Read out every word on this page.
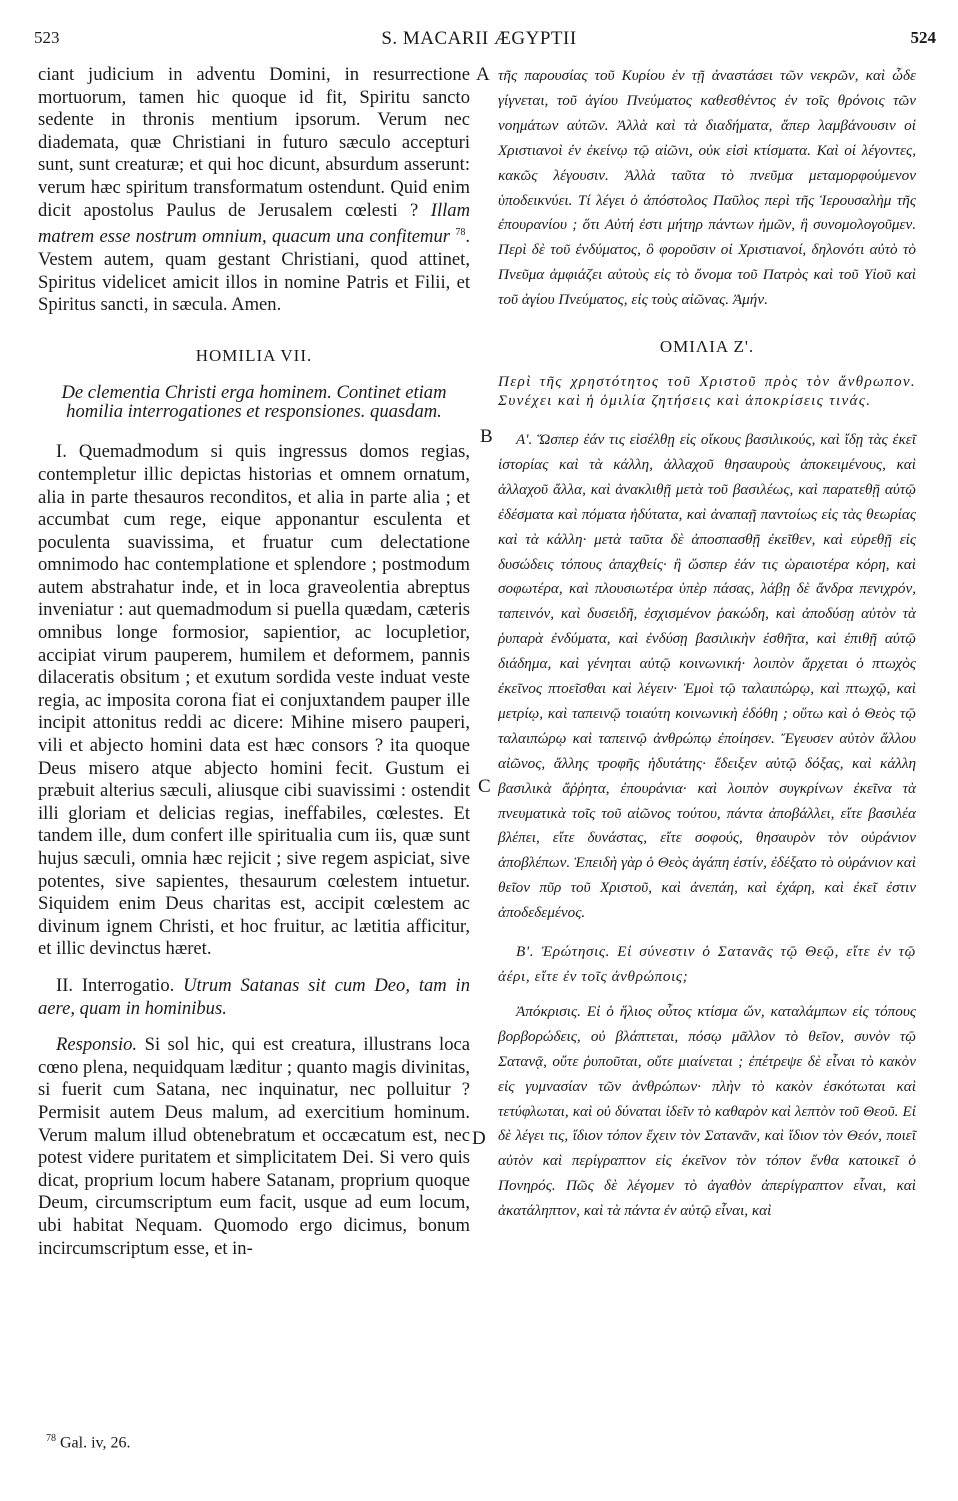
523	S. MACARII ÆGYPTII	524

ciant judicium in adventu Domini, in resurrectione mortuorum, tamen hic quoque id fit, Spiritu sancto sedente in thronis mentium ipsorum. Verum nec diademata, quæ Christiani in futuro sæculo accepturi sunt, sunt creaturæ; et qui hoc dicunt, absurdum asserunt: verum hæc spiritum transformatum ostendunt. Quid enim dicit apostolus Paulus de Jerusalem cœlesti ? Illam matrem esse nostrum omnium, quacum una confitemur $^{78}$. Vestem autem, quam gestant Christiani, quod attinet, Spiritus videlicet amicit illos in nomine Patris et Filii, et Spiritus sancti, in sæcula. Amen.

HOMILIA VII.

De clementia Christi erga hominem. Continet etiam homilia interrogationes et responsiones. quasdam.

I. Quemadmodum si quis ingressus domos regias, contempletur illic depictas historias et omnem ornatum, alia in parte thesauros reconditos, et alia in parte alia ; et accumbat cum rege, eique apponantur esculenta et poculenta suavissima, et fruatur cum delectatione omnimodo hac contemplatione et splendore ; postmodum autem abstrahatur inde, et in loca graveolentia abreptus inveniatur : aut quemadmodum si puella quædam, cæteris omnibus longe formosior, sapientior, ac locupletior, accipiat virum pauperem, humilem et deformem, pannis dilaceratis obsitum ; et exutum sordida veste induat veste regia, ac imposita corona fiat ei conjuxtandem pauper ille incipit attonitus reddi ac dicere: Mihine misero pauperi, vili et abjecto homini data est hæc consors ? ita quoque Deus misero atque abjecto homini fecit. Gustum ei præbuit alterius sæculi, aliusque cibi suavissimi : ostendit illi gloriam et delicias regias, ineffabiles, cœlestes. Et tandem ille, dum confert ille spiritualia cum iis, quæ sunt hujus sæculi, omnia hæc rejicit ; sive regem aspiciat, sive potentes, sive sapientes, thesaurum cœlestem intuetur. Siquidem enim Deus charitas est, accipit cœlestem ac divinum ignem Christi, et hoc fruitur, ac lætitia afficitur, et illic devinctus hæret.

II. Interrogatio. Utrum Satanas sit cum Deo, tam in aere, quam in hominibus.

Responsio. Si sol hic, qui est creatura, illustrans loca cœno plena, nequidquam læditur ; quanto magis divinitas, si fuerit cum Satana, nec inquinatur, nec polluitur ? Permisit autem Deus malum, ad exercitium hominum. Verum malum illud obtenebratum et occæcatum est, nec potest videre puritatem et simplicitatem Dei. Si vero quis dicat, proprium locum habere Satanam, proprium quoque Deum, circumscriptum eum facit, usque ad eum locum, ubi habitat Nequam. Quomodo ergo dicimus, bonum incircumscriptum esse, et in-

A
B
C
D

τῆς παρουσίας τοῦ Κυρίου ἐν τῇ ἀναστάσει τῶν νεκρῶν, καὶ ὧδε γίγνεται, τοῦ ἁγίου Πνεύματος καθεσθέντος ἐν τοῖς θρόνοις τῶν νοημάτων αὐτῶν. Ἀλλὰ καὶ τὰ διαδήματα, ἅπερ λαμβάνουσιν οἱ Χριστιανοὶ ἐν ἐκείνῳ τῷ αἰῶνι, οὐκ εἰσὶ κτίσματα. Καὶ οἱ λέγοντες, κακῶς λέγουσιν. Ἀλλὰ ταῦτα τὸ πνεῦμα μεταμορφούμενον ὑποδεικνύει. Τί λέγει ὁ ἀπόστολος Παῦλος περὶ τῆς Ἱερουσαλὴμ τῆς ἐπουρανίου ; ὅτι Αὐτή ἐστι μήτηρ πάντων ἡμῶν, ἣ συνομολογοῦμεν. Περὶ δὲ τοῦ ἐνδύματος, ὃ φοροῦσιν οἱ Χριστιανοί, δηλονότι αὐτὸ τὸ Πνεῦμα ἀμφιάζει αὐτοὺς εἰς τὸ ὄνομα τοῦ Πατρὸς καὶ τοῦ Υἱοῦ καὶ τοῦ ἁγίου Πνεύματος, εἰς τοὺς αἰῶνας. Ἀμήν.

ΟΜΙΛΙΑ Ζ'.

Περὶ τῆς χρηστότητος τοῦ Χριστοῦ πρὸς τὸν ἄνθρωπον. Συνέχει καὶ ἡ ὁμιλία ζητήσεις καὶ ἀποκρίσεις τινάς.

Α'. Ὥσπερ ἐάν τις εἰσέλθῃ εἰς οἴκους βασιλικούς, καὶ ἴδῃ τὰς ἐκεῖ ἱστορίας καὶ τὰ κάλλη, ἀλλαχοῦ θησαυροὺς ἀποκειμένους, καὶ ἀλλαχοῦ ἄλλα, καὶ ἀνακλιθῇ μετὰ τοῦ βασιλέως, καὶ παρατεθῇ αὐτῷ ἐδέσματα καὶ πόματα ἡδύτατα, καὶ ἀναπαῇ παντοίως εἰς τὰς θεωρίας καὶ τὰ κάλλη· μετὰ ταῦτα δὲ ἀποσπασθῇ ἐκεῖθεν, καὶ εὑρεθῇ εἰς δυσώδεις τόπους ἀπαχθείς· ἢ ὥσπερ ἐάν τις ὡραιοτέρα κόρη, καὶ σοφωτέρα, καὶ πλουσιωτέρα ὑπὲρ πάσας, λάβῃ δὲ ἄνδρα πενιχρόν, ταπεινόν, καὶ δυσειδῆ, ἐσχισμένον ῥακώδη, καὶ ἀποδύσῃ αὐτὸν τὰ ῥυπαρὰ ἐνδύματα, καὶ ἐνδύσῃ βασιλικὴν ἐσθῆτα, καὶ ἐπιθῇ αὐτῷ διάδημα, καὶ γένηται αὐτῷ κοινωνική· λοιπὸν ἄρχεται ὁ πτωχὸς ἐκεῖνος πτοεῖσθαι καὶ λέγειν· Ἐμοὶ τῷ ταλαιπώρῳ, καὶ πτωχῷ, καὶ μετρίῳ, καὶ ταπεινῷ τοιαύτη κοινωνικὴ ἐδόθη ; οὕτω καὶ ὁ Θεὸς τῷ ταλαιπώρῳ καὶ ταπεινῷ ἀνθρώπῳ ἐποίησεν. Ἔγευσεν αὐτὸν ἄλλου αἰῶνος, ἄλλης τροφῆς ἡδυτάτης· ἔδειξεν αὐτῷ δόξας, καὶ κάλλη βασιλικὰ ἄῤῥητα, ἐπουράνια· καὶ λοιπὸν συγκρίνων ἐκεῖνα τὰ πνευματικὰ τοῖς τοῦ αἰῶνος τούτου, πάντα ἀποβάλλει, εἴτε βασιλέα βλέπει, εἴτε δυνάστας, εἴτε σοφούς, θησαυρὸν τὸν οὐράνιον ἀποβλέπων. Ἐπειδὴ γὰρ ὁ Θεὸς ἀγάπη ἐστίν, ἐδέξατο τὸ οὐράνιον καὶ θεῖον πῦρ τοῦ Χριστοῦ, καὶ ἀνεπάη, καὶ ἐχάρη, καὶ ἐκεῖ ἐστιν ἀποδεδεμένος.

Β'. Ἐρώτησις. Εἰ σύνεστιν ὁ Σατανᾶς τῷ Θεῷ, εἴτε ἐν τῷ ἀέρι, εἴτε ἐν τοῖς ἀνθρώποις;

Ἀπόκρισις. Εἰ ὁ ἥλιος οὗτος κτίσμα ὤν, καταλάμπων εἰς τόπους βορβορώδεις, οὐ βλάπτεται, πόσῳ μᾶλλον τὸ θεῖον, συνὸν τῷ Σατανᾷ, οὔτε ῥυποῦται, οὔτε μιαίνεται ; ἐπέτρεψε δὲ εἶναι τὸ κακὸν εἰς γυμνασίαν τῶν ἀνθρώπων· πλὴν τὸ κακὸν ἐσκότωται καὶ τετύφλωται, καὶ οὐ δύναται ἰδεῖν τὸ καθαρὸν καὶ λεπτὸν τοῦ Θεοῦ. Εἰ δὲ λέγει τις, ἴδιον τόπον ἔχειν τὸν Σατανᾶν, καὶ ἴδιον τὸν Θεόν, ποιεῖ αὐτὸν καὶ περίγραπτον εἰς ἐκεῖνον τὸν τόπον ἔνθα κατοικεῖ ὁ Πονηρός. Πῶς δὲ λέγομεν τὸ ἀγαθὸν ἀπερίγραπτον εἶναι, καὶ ἀκατάληπτον, καὶ τὰ πάντα ἐν αὐτῷ εἶναι, καὶ

$^{78}$ Gal. iv, 26.
